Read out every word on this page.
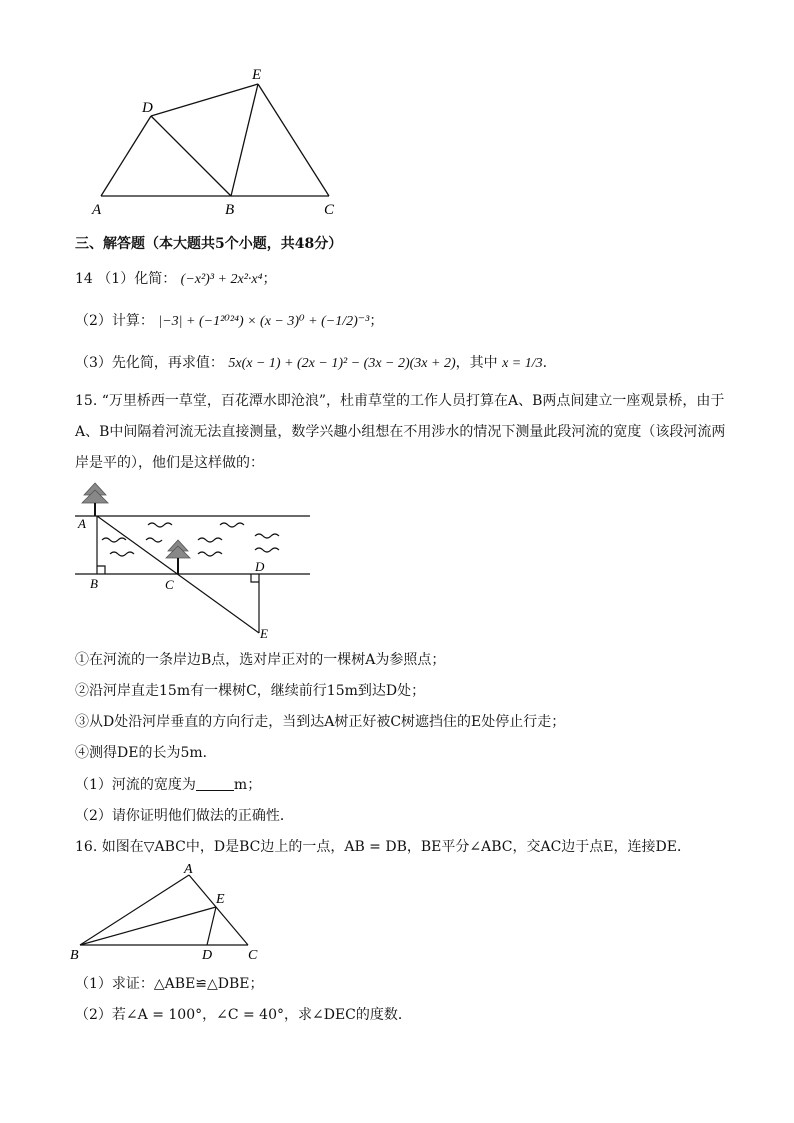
A	B	C
D
E
三、解答题（本大题共5个小题，共48分）
14 （1）化简： (−x²)³ + 2x²·x⁴；
（2）计算： |−3| + (−1²⁰²⁴) × (x − 3)⁰ + (−1/2)⁻³；
（3）先化简，再求值： 5x(x − 1) + (2x − 1)² − (3x − 2)(3x + 2)，其中 x = 1/3.
15. “万里桥西一草堂，百花潭水即沧浪”，杜甫草堂的工作人员打算在A、B两点间建立一座观景桥，由于
A、B中间隔着河流无法直接测量，数学兴趣小组想在不用涉水的情况下测量此段河流的宽度（该段河流两
岸是平的），他们是这样做的：
A
B	C
D
E
①在河流的一条岸边B点，选对岸正对的一棵树A为参照点；
②沿河岸直走15m有一棵树C，继续前行15m到达D处；
③从D处沿河岸垂直的方向行走，当到达A树正好被C树遮挡住的E处停止行走；
④测得DE的长为5m．
（1）河流的宽度为	m；
（2）请你证明他们做法的正确性．
16. 如图在▽ABC中，D是BC边上的一点，AB = DB，BE平分∠ABC，交AC边于点E，连接DE．
A
B	C
D
E
（1）求证：△ABE≌△DBE；
（2）若∠A = 100°，∠C = 40°，求∠DEC的度数．
